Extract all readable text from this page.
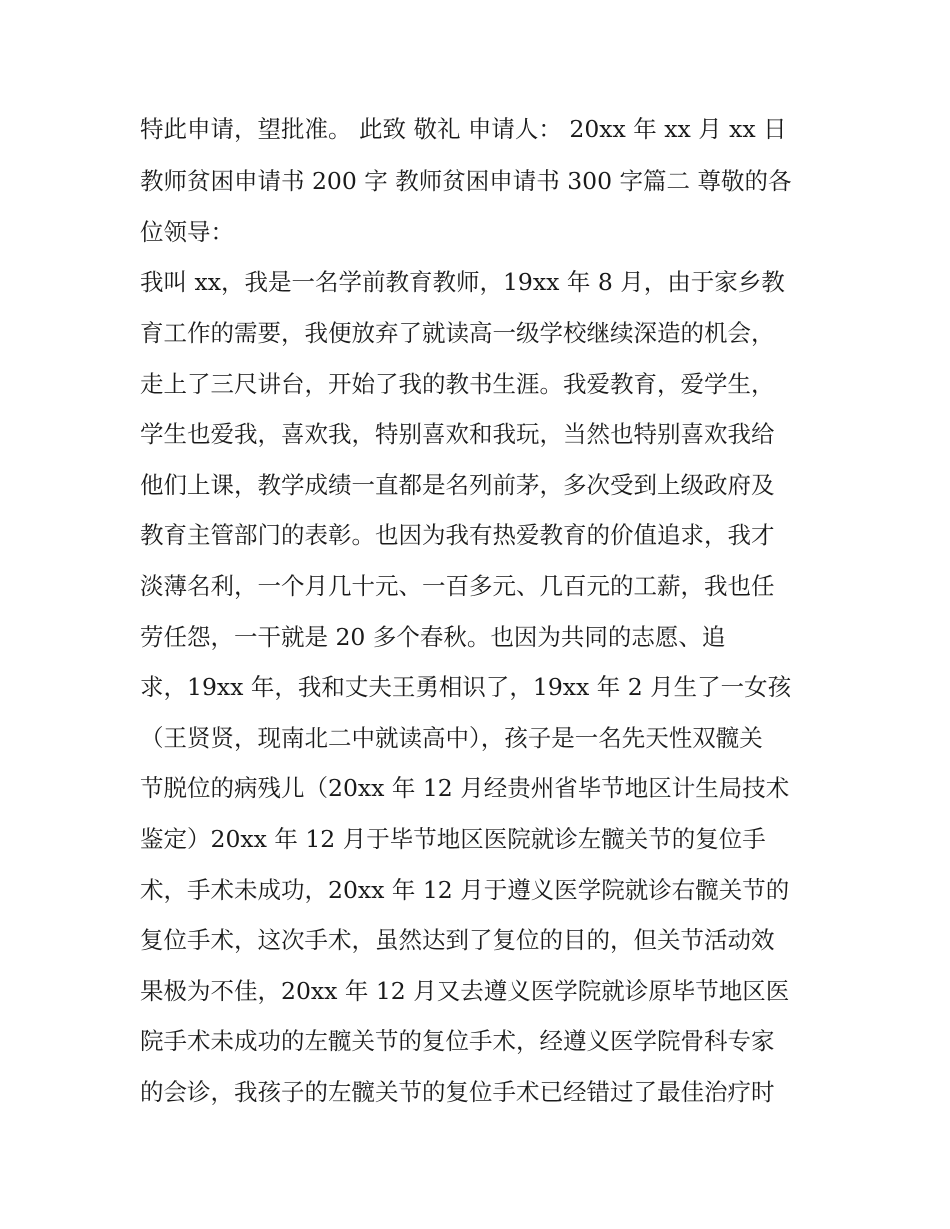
特此申请，望批准。 此致 敬礼 申请人： 20xx 年 xx 月 xx 日
教师贫困申请书 200 字 教师贫困申请书 300 字篇二 尊敬的各
位领导：
我叫 xx，我是一名学前教育教师，19xx 年 8 月，由于家乡教
育工作的需要，我便放弃了就读高一级学校继续深造的机会，
走上了三尺讲台，开始了我的教书生涯。我爱教育，爱学生，
学生也爱我，喜欢我，特别喜欢和我玩，当然也特别喜欢我给
他们上课，教学成绩一直都是名列前茅，多次受到上级政府及
教育主管部门的表彰。也因为我有热爱教育的价值追求，我才
淡薄名利，一个月几十元、一百多元、几百元的工薪，我也任
劳任怨，一干就是 20 多个春秋。也因为共同的志愿、追
求，19xx 年，我和丈夫王勇相识了，19xx 年 2 月生了一女孩
（王贤贤，现南北二中就读高中），孩子是一名先天性双髋关
节脱位的病残儿（20xx 年 12 月经贵州省毕节地区计生局技术
鉴定）20xx 年 12 月于毕节地区医院就诊左髋关节的复位手
术，手术未成功，20xx 年 12 月于遵义医学院就诊右髋关节的
复位手术，这次手术，虽然达到了复位的目的，但关节活动效
果极为不佳，20xx 年 12 月又去遵义医学院就诊原毕节地区医
院手术未成功的左髋关节的复位手术，经遵义医学院骨科专家
的会诊，我孩子的左髋关节的复位手术已经错过了最佳治疗时
